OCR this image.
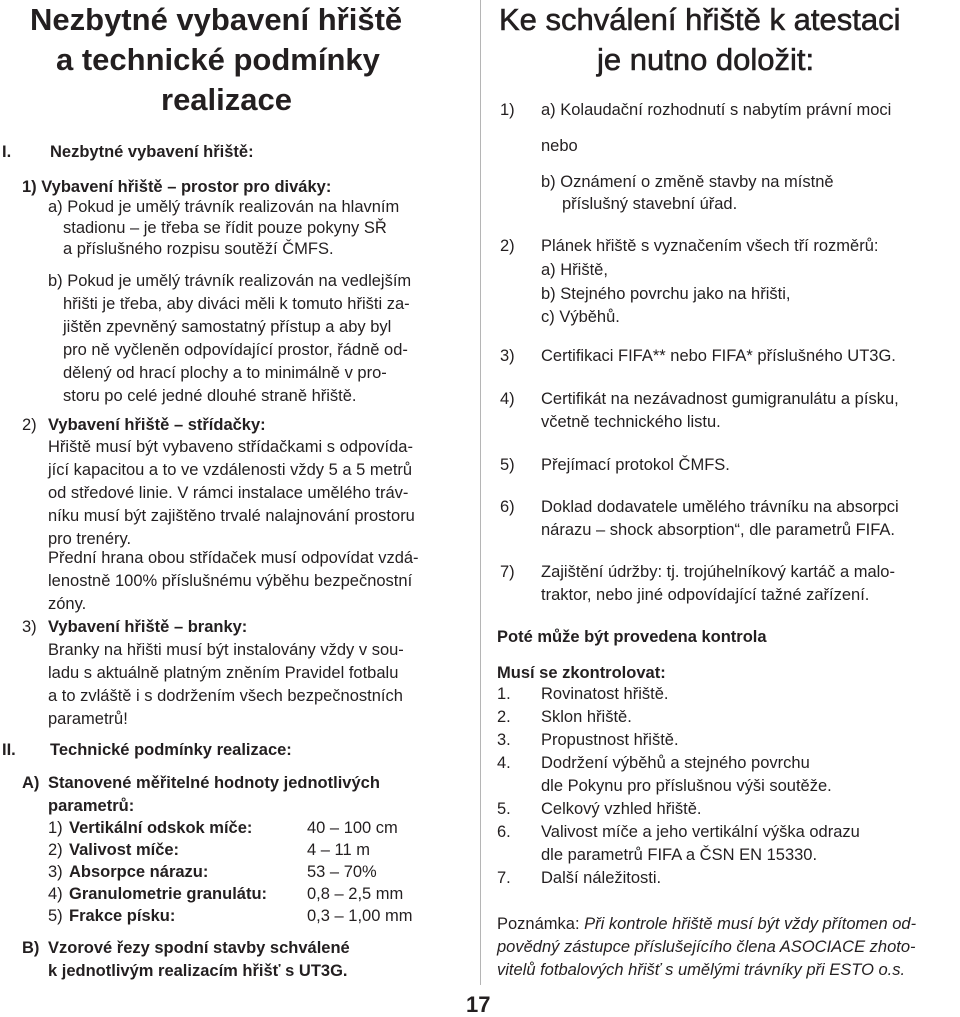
Nezbytné vybavení hřiště
a technické podmínky
realizace
I. Nezbytné vybavení hřiště:
1) Vybavení hřiště – prostor pro diváky:
a) Pokud je umělý trávník realizován na hlavním
stadionu – je třeba se řídit pouze pokyny SŘ
a příslušného rozpisu soutěží ČMFS.
b) Pokud je umělý trávník realizován na vedlejším
hřišti je třeba, aby diváci měli k tomuto hřišti za-
jištěn zpevněný samostatný přístup a aby byl
pro ně vyčleněn odpovídající prostor, řádně od-
dělený od hrací plochy a to minimálně v pro-
storu po celé jedné dlouhé straně hřiště.
2) Vybavení hřiště – střídačky:
Hřiště musí být vybaveno střídačkami s odpovída-
jící kapacitou a to ve vzdálenosti vždy 5 a 5 metrů
od středové linie. V rámci instalace umělého tráv-
níku musí být zajištěno trvalé nalajnování prostoru
pro trenéry.
Přední hrana obou střídaček musí odpovídat vzdá-
lenostně 100% příslušnému výběhu bezpečnostní
zóny.
3) Vybavení hřiště – branky:
Branky na hřišti musí být instalovány vždy v sou-
ladu s aktuálně platným zněním Pravidel fotbalu
a to zvláště i s dodržením všech bezpečnostních
parametrů!
II. Technické podmínky realizace:
A) Stanovené měřitelné hodnoty jednotlivých
parametrů:
1) Vertikální odskok míče:	40 – 100 cm
2) Valivost míče:	4 – 11 m
3) Absorpce nárazu:	53 – 70%
4) Granulometrie granulátu: 0,8 – 2,5 mm
5) Frakce písku:	0,3 – 1,00 mm
B) Vzorové řezy spodní stavby schválené
k jednotlivým realizacím hřišť s UT3G.
Ke schválení hřiště k atestaci
je nutno doložit:
1) a) Kolaudační rozhodnutí s nabytím právní moci
nebo
b) Oznámení o změně stavby na místně
příslušný stavební úřad.
2) Plánek hřiště s vyznačením všech tří rozměrů:
a) Hřiště,
b) Stejného povrchu jako na hřišti,
c) Výběhů.
3) Certifikaci FIFA** nebo FIFA* příslušného UT3G.
4) Certifikát na nezávadnost gumigranulátu a písku,
včetně technického listu.
5) Přejímací protokol ČMFS.
6) Doklad dodavatele umělého trávníku na absorpci
nárazu – shock absorption“, dle parametrů FIFA.
7) Zajištění údržby: tj. trojúhelníkový kartáč a malo-
traktor, nebo jiné odpovídající tažné zařízení.
Poté může být provedena kontrola
Musí se zkontrolovat:
1. Rovinatost hřiště.
2. Sklon hřiště.
3. Propustnost hřiště.
4. Dodržení výběhů a stejného povrchu
dle Pokynu pro příslušnou výši soutěže.
5. Celkový vzhled hřiště.
6. Valivost míče a jeho vertikální výška odrazu
dle parametrů FIFA a ČSN EN 15330.
7. Další náležitosti.
Poznámka: Při kontrole hřiště musí být vždy přítomen od-
povědný zástupce příslušejícího člena ASOCIACE zhoto-
vitelů fotbalových hřišť s umělými trávníky při ESTO o.s.
17
